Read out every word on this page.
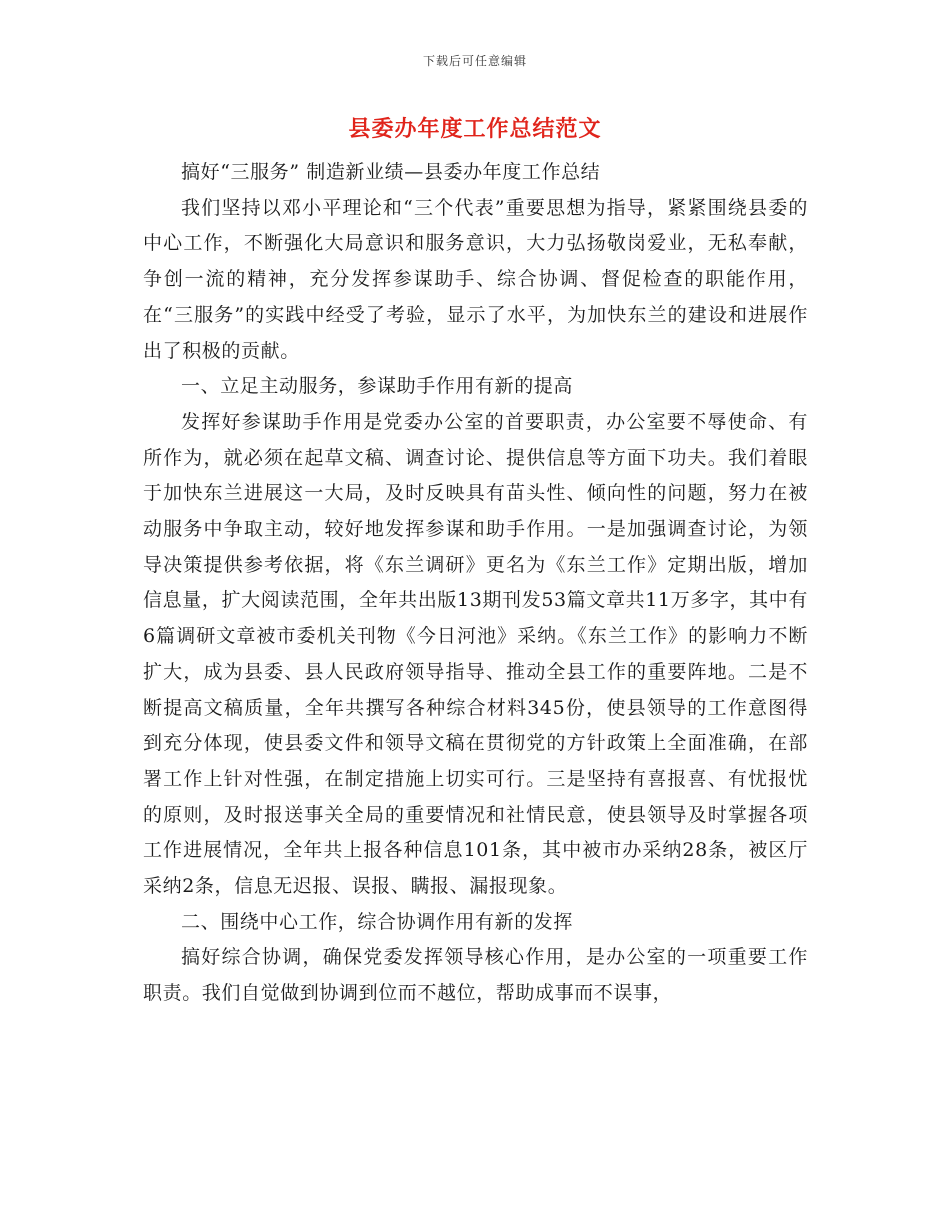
下载后可任意编辑
县委办年度工作总结范文

搞好“三服务” 制造新业绩—县委办年度工作总结

我们坚持以邓小平理论和“三个代表”重要思想为指导，紧紧围绕县委的中心工作，不断强化大局意识和服务意识，大力弘扬敬岗爱业，无私奉献，争创一流的精神，充分发挥参谋助手、综合协调、督促检查的职能作用，在“三服务”的实践中经受了考验，显示了水平，为加快东兰的建设和进展作出了积极的贡献。

一、立足主动服务，参谋助手作用有新的提高

发挥好参谋助手作用是党委办公室的首要职责，办公室要不辱使命、有所作为，就必须在起草文稿、调查讨论、提供信息等方面下功夫。我们着眼于加快东兰进展这一大局，及时反映具有苗头性、倾向性的问题，努力在被动服务中争取主动，较好地发挥参谋和助手作用。一是加强调查讨论，为领导决策提供参考依据，将《东兰调研》更名为《东兰工作》定期出版，增加信息量，扩大阅读范围，全年共出版13期刊发53篇文章共11万多字，其中有6篇调研文章被市委机关刊物《今日河池》采纳。《东兰工作》的影响力不断扩大，成为县委、县人民政府领导指导、推动全县工作的重要阵地。二是不断提高文稿质量，全年共撰写各种综合材料345份，使县领导的工作意图得到充分体现，使县委文件和领导文稿在贯彻党的方针政策上全面准确，在部署工作上针对性强，在制定措施上切实可行。三是坚持有喜报喜、有忧报忧的原则，及时报送事关全局的重要情况和社情民意，使县领导及时掌握各项工作进展情况，全年共上报各种信息101条，其中被市办采纳28条，被区厅采纳2条，信息无迟报、误报、瞒报、漏报现象。

二、围绕中心工作，综合协调作用有新的发挥

搞好综合协调，确保党委发挥领导核心作用，是办公室的一项重要工作职责。我们自觉做到协调到位而不越位，帮助成事而不误事，
